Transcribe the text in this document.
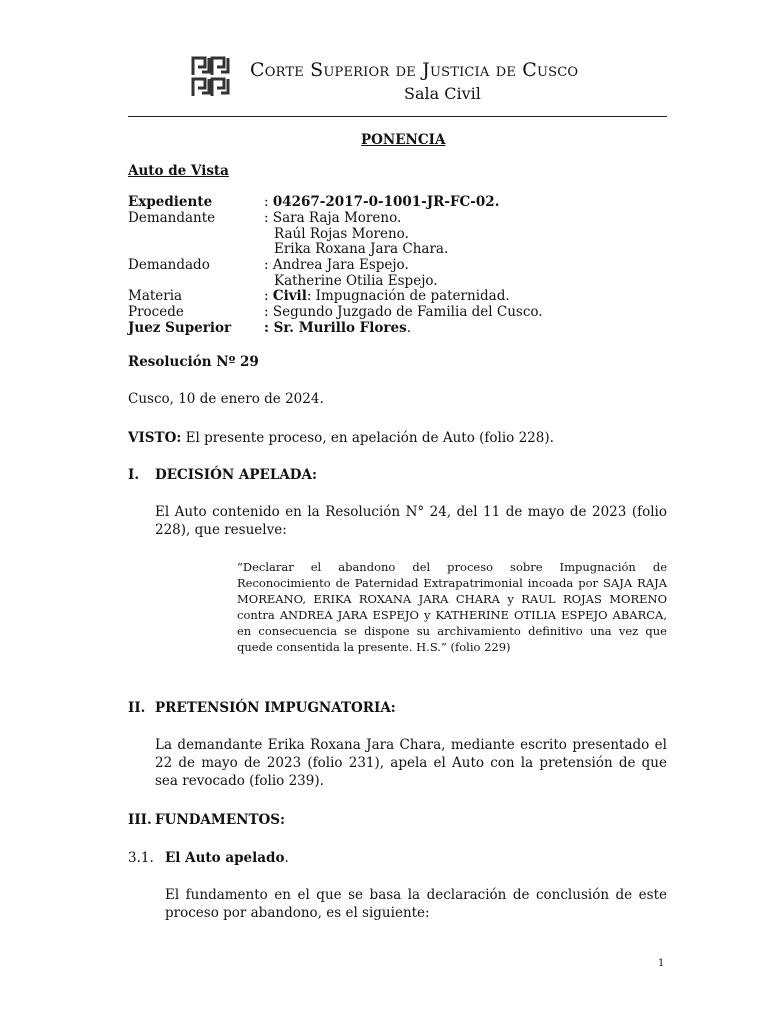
Corte Superior de Justicia de Cusco
Sala Civil
PONENCIA
Auto de Vista
Expediente	: 04267-2017-0-1001-JR-FC-02.
Demandante	: Sara Raja Moreno.
Raúl Rojas Moreno.
Erika Roxana Jara Chara.
Demandado	: Andrea Jara Espejo.
Katherine Otilia Espejo.
Materia	: Civil: Impugnación de paternidad.
Procede	: Segundo Juzgado de Familia del Cusco.
Juez Superior : Sr. Murillo Flores.
Resolución Nº 29
Cusco, 10 de enero de 2024.
VISTO: El presente proceso, en apelación de Auto (folio 228).
I. DECISIÓN APELADA:
El Auto contenido en la Resolución N° 24, del 11 de mayo de 2023 (folio 228), que resuelve:
“Declarar el abandono del proceso sobre Impugnación de Reconocimiento de Paternidad Extrapatrimonial incoada por SAJA RAJA MOREANO, ERIKA ROXANA JARA CHARA y RAUL ROJAS MORENO contra ANDREA JARA ESPEJO y KATHERINE OTILIA ESPEJO ABARCA, en consecuencia se dispone su archivamiento definitivo una vez que quede consentida la presente. H.S.” (folio 229)
II. PRETENSIÓN IMPUGNATORIA:
La demandante Erika Roxana Jara Chara, mediante escrito presentado el 22 de mayo de 2023 (folio 231), apela el Auto con la pretensión de que sea revocado (folio 239).
III. FUNDAMENTOS:
3.1. El Auto apelado.
El fundamento en el que se basa la declaración de conclusión de este proceso por abandono, es el siguiente:
1
